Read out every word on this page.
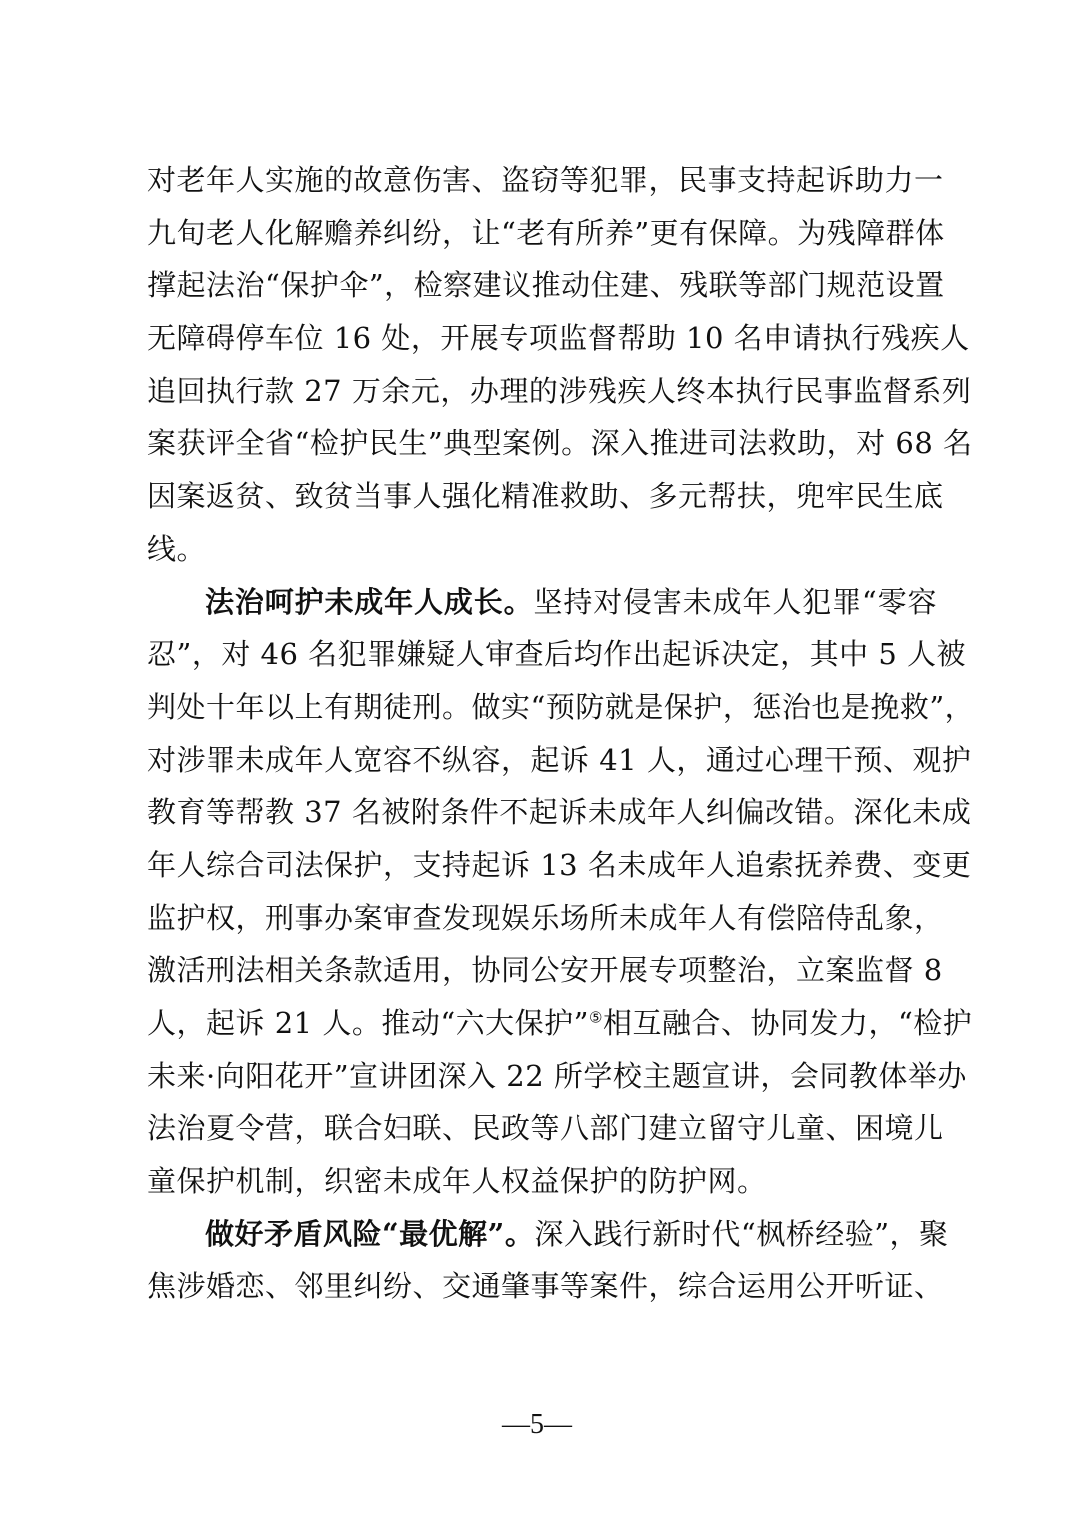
对老年人实施的故意伤害、盗窃等犯罪，民事支持起诉助力一
九旬老人化解赡养纠纷，让“老有所养”更有保障。为残障群体
撑起法治“保护伞”，检察建议推动住建、残联等部门规范设置
无障碍停车位 16 处，开展专项监督帮助 10 名申请执行残疾人
追回执行款 27 万余元，办理的涉残疾人终本执行民事监督系列
案获评全省“检护民生”典型案例。深入推进司法救助，对 68 名
因案返贫、致贫当事人强化精准救助、多元帮扶，兜牢民生底
线。
法治呵护未成年人成长。坚持对侵害未成年人犯罪“零容
忍”，对 46 名犯罪嫌疑人审查后均作出起诉决定，其中 5 人被
判处十年以上有期徒刑。做实“预防就是保护，惩治也是挽救”，
对涉罪未成年人宽容不纵容，起诉 41 人，通过心理干预、观护
教育等帮教 37 名被附条件不起诉未成年人纠偏改错。深化未成
年人综合司法保护，支持起诉 13 名未成年人追索抚养费、变更
监护权，刑事办案审查发现娱乐场所未成年人有偿陪侍乱象，
激活刑法相关条款适用，协同公安开展专项整治，立案监督 8
人，起诉 21 人。推动“六大保护”⑤相互融合、协同发力，“检护
未来·向阳花开”宣讲团深入 22 所学校主题宣讲，会同教体举办
法治夏令营，联合妇联、民政等八部门建立留守儿童、困境儿
童保护机制，织密未成年人权益保护的防护网。
做好矛盾风险“最优解”。深入践行新时代“枫桥经验”，聚
焦涉婚恋、邻里纠纷、交通肇事等案件，综合运用公开听证、
—5—
